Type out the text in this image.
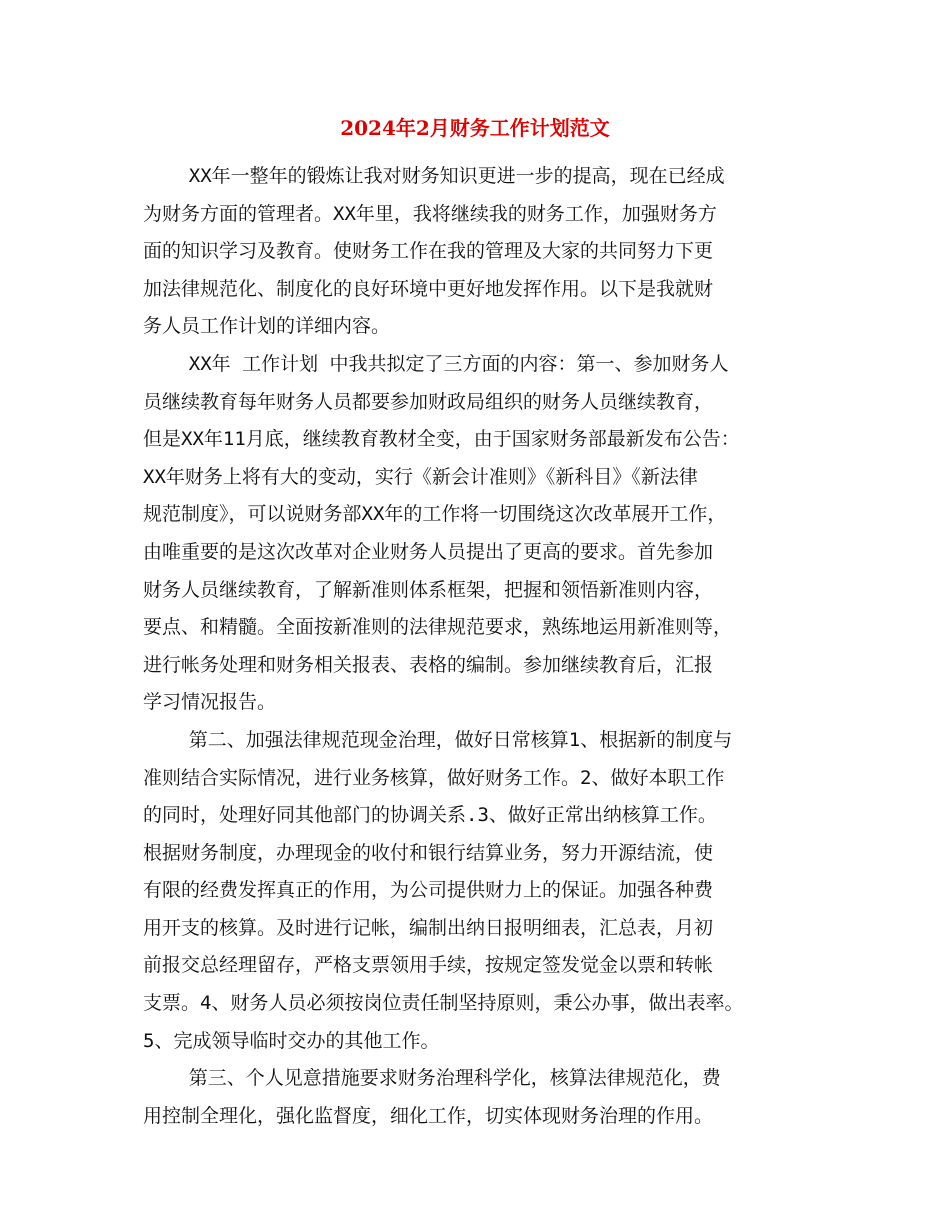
2024年2月财务工作计划范文
XX年一整年的锻炼让我对财务知识更进一步的提高，现在已经成
为财务方面的管理者。XX年里，我将继续我的财务工作，加强财务方
面的知识学习及教育。使财务工作在我的管理及大家的共同努力下更
加法律规范化、制度化的良好环境中更好地发挥作用。以下是我就财
务人员工作计划的详细内容。
XX年 工作计划 中我共拟定了三方面的内容：第一、参加财务人
员继续教育每年财务人员都要参加财政局组织的财务人员继续教育，
但是XX年11月底，继续教育教材全变，由于国家财务部最新发布公告：
XX年财务上将有大的变动，实行《新会计准则》《新科目》《新法律
规范制度》，可以说财务部XX年的工作将一切围绕这次改革展开工作，
由唯重要的是这次改革对企业财务人员提出了更高的要求。首先参加
财务人员继续教育，了解新准则体系框架，把握和领悟新准则内容，
要点、和精髓。全面按新准则的法律规范要求，熟练地运用新准则等，
进行帐务处理和财务相关报表、表格的编制。参加继续教育后，汇报
学习情况报告。
第二、加强法律规范现金治理，做好日常核算1、根据新的制度与
准则结合实际情况，进行业务核算，做好财务工作。2、做好本职工作
的同时，处理好同其他部门的协调关系.3、做好正常出纳核算工作。
根据财务制度，办理现金的收付和银行结算业务，努力开源结流，使
有限的经费发挥真正的作用，为公司提供财力上的保证。加强各种费
用开支的核算。及时进行记帐，编制出纳日报明细表，汇总表，月初
前报交总经理留存，严格支票领用手续，按规定签发觉金以票和转帐
支票。4、财务人员必须按岗位责任制坚持原则，秉公办事，做出表率。
5、完成领导临时交办的其他工作。
第三、个人见意措施要求财务治理科学化，核算法律规范化，费
用控制全理化，强化监督度，细化工作，切实体现财务治理的作用。
